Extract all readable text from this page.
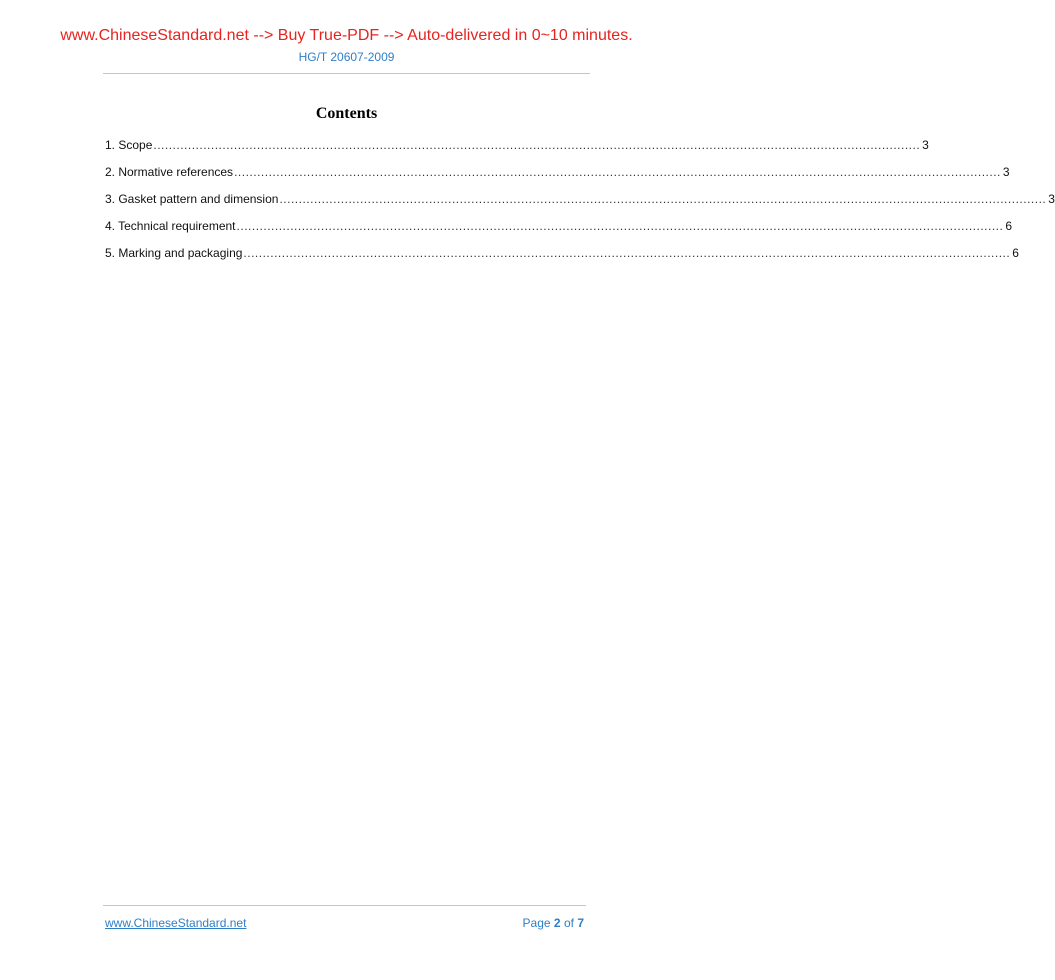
www.ChineseStandard.net --> Buy True-PDF --> Auto-delivered in 0~10 minutes.
HG/T 20607-2009
Contents
1. Scope ........................................................................................................................................................................................................ 3
2. Normative references ........................................................................................................................................................................................................ 3
3. Gasket pattern and dimension ........................................................................................................................................................................................................ 3
4. Technical requirement ........................................................................................................................................................................................................ 6
5. Marking and packaging ........................................................................................................................................................................................................ 6
www.ChineseStandard.net	Page 2 of 7
